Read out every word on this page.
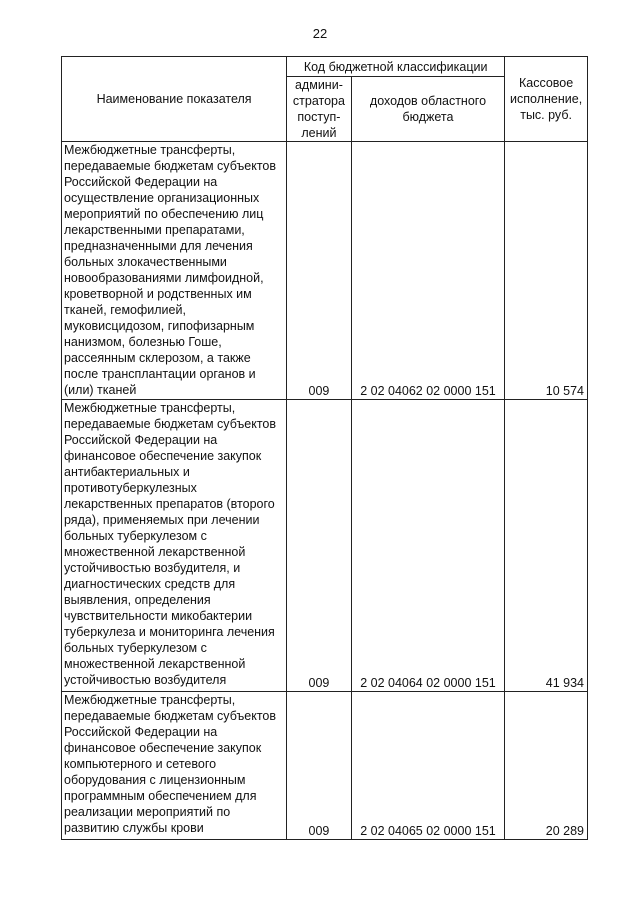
22
Наименование показателя	Код бюджетной классификации		Кассовое исполнение, тыс. руб.
	админи-стратора поступ-лений	доходов областного бюджета	
Межбюджетные трансферты, передаваемые бюджетам субъектов Российской Федерации на осуществление организационных мероприятий по обеспечению лиц лекарственными препаратами, предназначенными для лечения больных злокачественными новообразованиями лимфоидной, кроветворной и родственных им тканей, гемофилией, муковисцидозом, гипофизарным нанизмом, болезнью Гоше, рассеянным склерозом, а также после трансплантации органов и (или) тканей	009	2 02 04062 02 0000 151	10 574
Межбюджетные трансферты, передаваемые бюджетам субъектов Российской Федерации на финансовое обеспечение закупок антибактериальных и противотуберкулезных лекарственных препаратов (второго ряда), применяемых при лечении больных туберкулезом с множественной лекарственной устойчивостью возбудителя, и диагностических средств для выявления, определения чувствительности микобактерии туберкулеза и мониторинга лечения больных туберкулезом с множественной лекарственной устойчивостью возбудителя	009	2 02 04064 02 0000 151	41 934
Межбюджетные трансферты, передаваемые бюджетам субъектов Российской Федерации на финансовое обеспечение закупок компьютерного и сетевого оборудования с лицензионным программным обеспечением для реализации мероприятий по развитию службы крови	009	2 02 04065 02 0000 151	20 289
